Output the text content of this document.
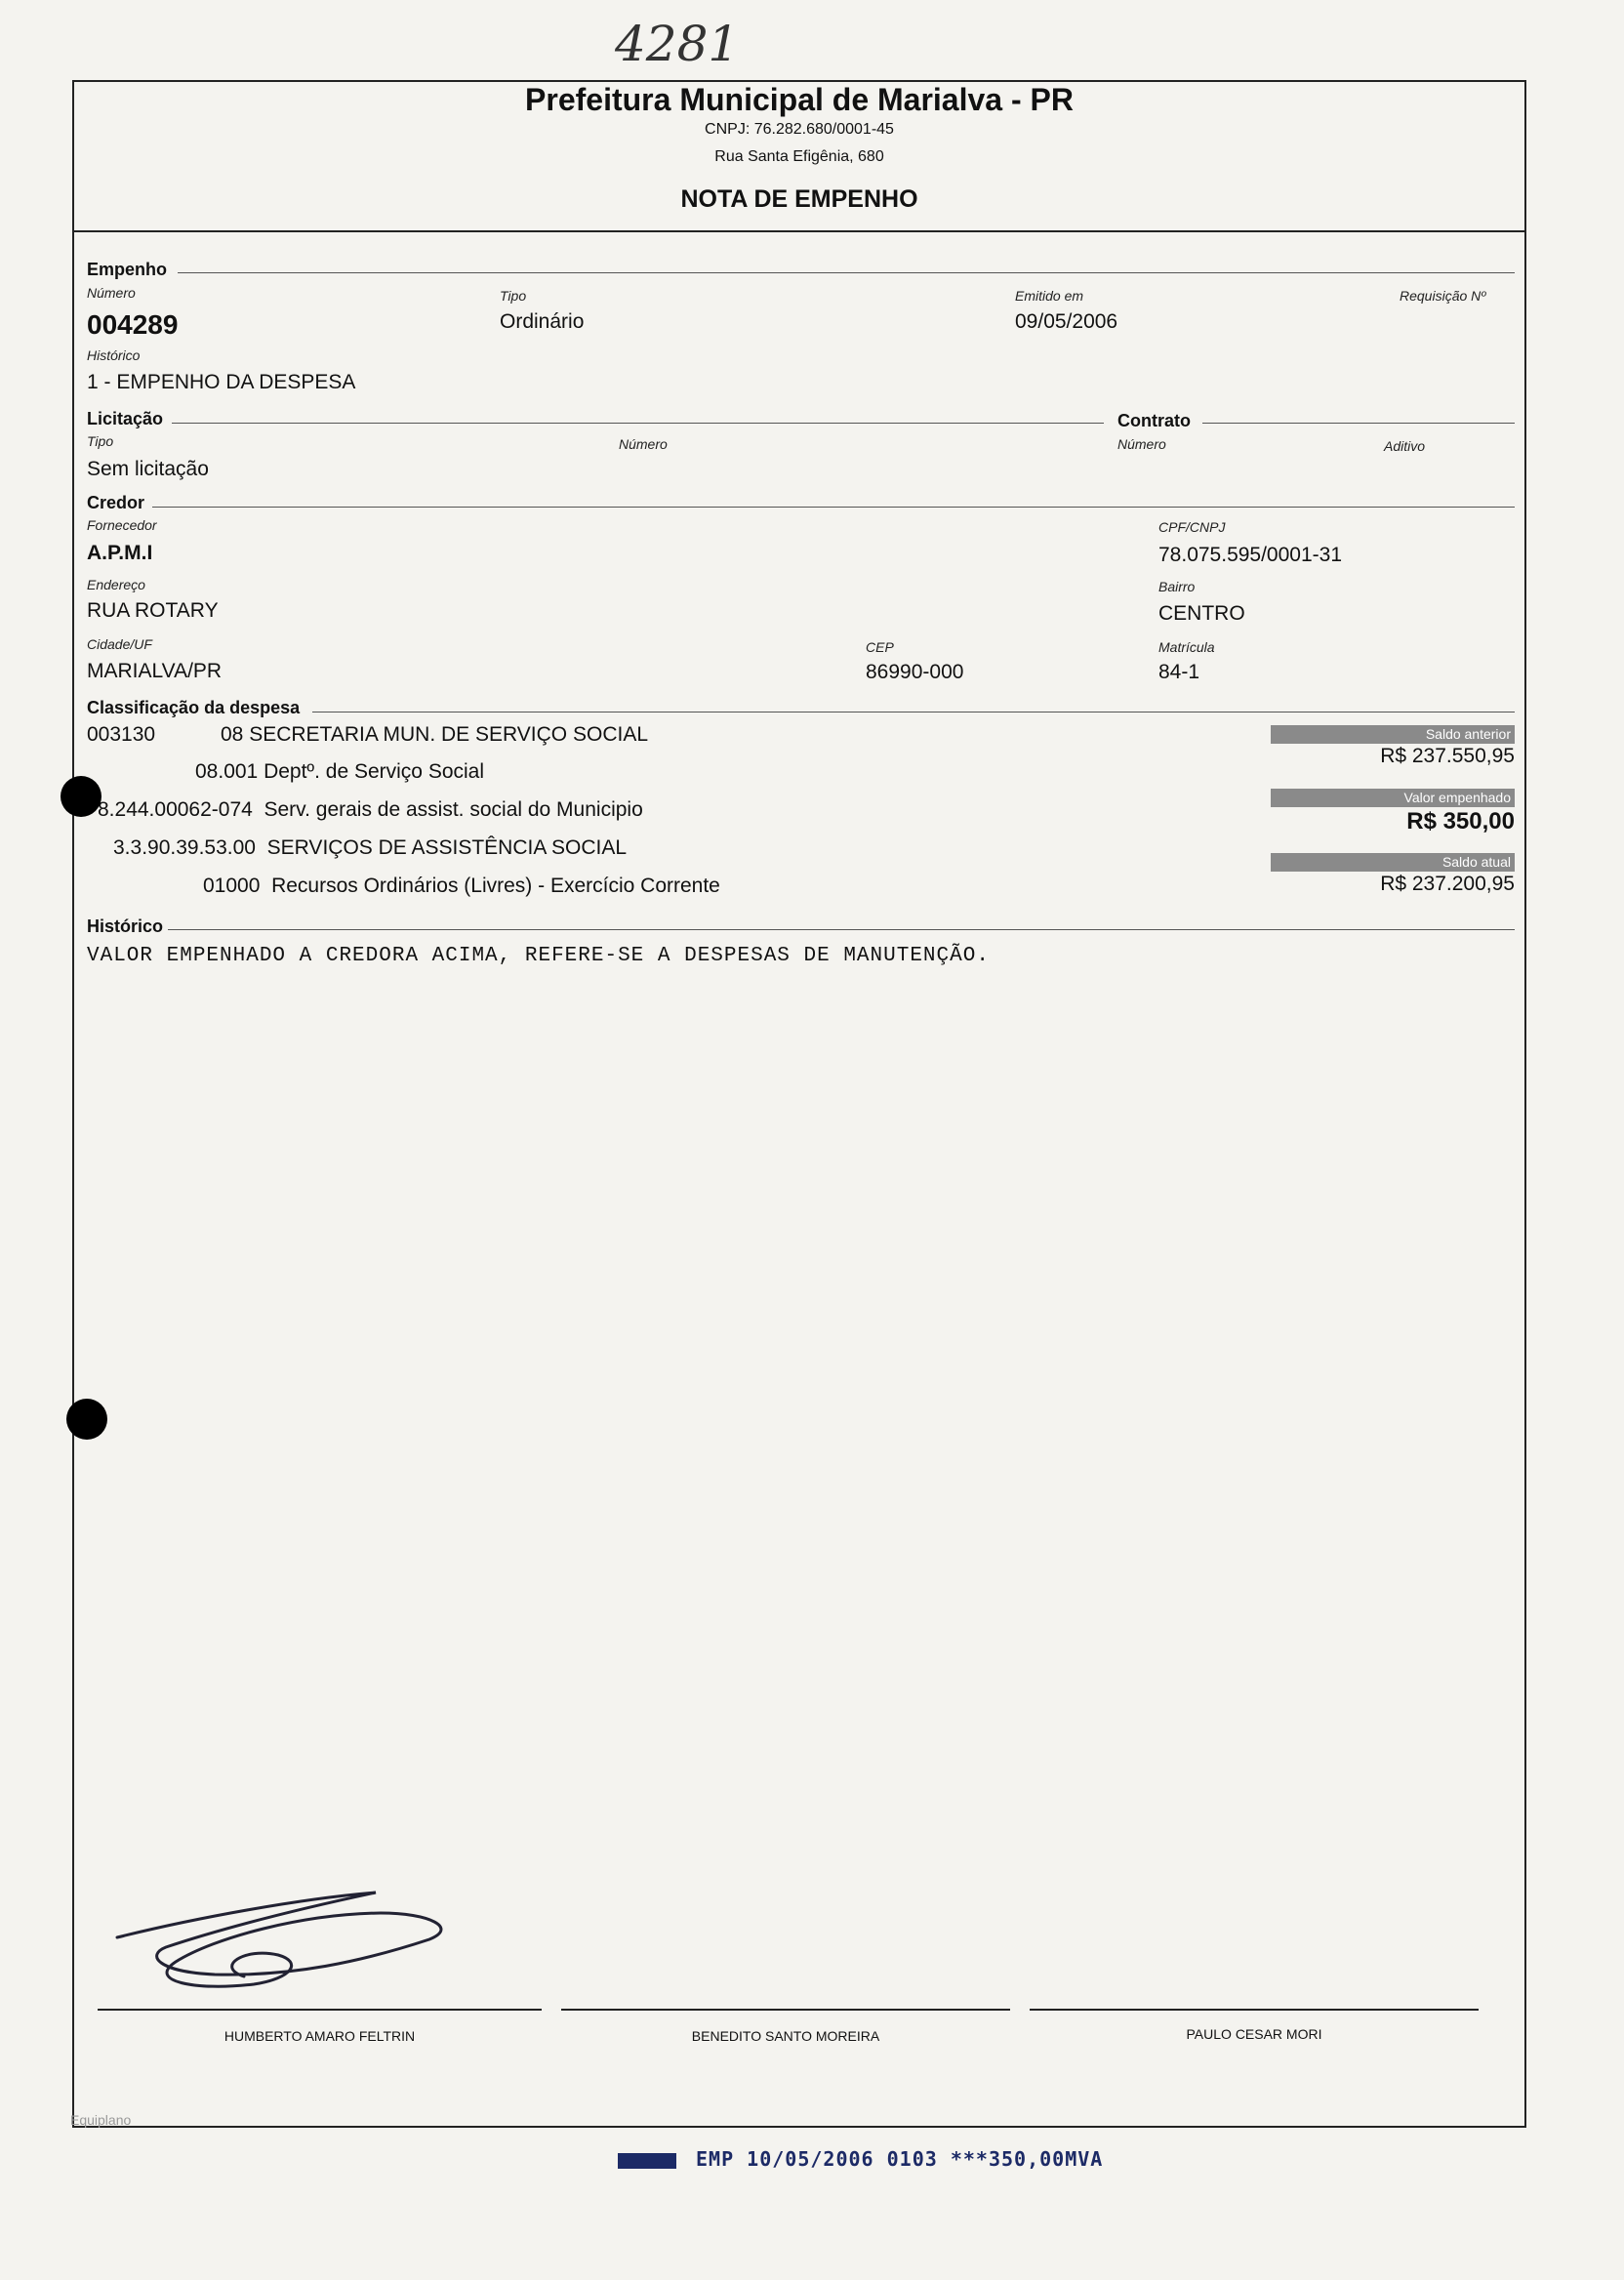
4281
Prefeitura Municipal de Marialva - PR
CNPJ: 76.282.680/0001-45
Rua Santa Efigênia, 680
NOTA DE EMPENHO
Empenho
Número
004289
Tipo
Ordinário
Emitido em
09/05/2006
Requisição Nº
Histórico
1 - EMPENHO DA DESPESA
Licitação	Contrato
Tipo
Sem licitação
Número	Número	Aditivo
Credor
Fornecedor
A.P.M.I
CPF/CNPJ
78.075.595/0001-31
Endereço
RUA ROTARY
Bairro
CENTRO
Cidade/UF
MARIALVA/PR
CEP
86990-000
Matrícula
84-1
Classificação da despesa
003130	08 SECRETARIA MUN. DE SERVIÇO SOCIAL
08.001 Deptº. de Serviço Social
8.244.00062-074  Serv. gerais de assist. social do Municipio
3.3.90.39.53.00  SERVIÇOS DE ASSISTÊNCIA SOCIAL
01000  Recursos Ordinários (Livres) - Exercício Corrente
Saldo anterior
R$ 237.550,95
Valor empenhado
R$ 350,00
Saldo atual
R$ 237.200,95
Histórico
VALOR EMPENHADO A CREDORA ACIMA, REFERE-SE A DESPESAS DE MANUTENÇÃO.
HUMBERTO AMARO FELTRIN	BENEDITO SANTO MOREIRA	PAULO CESAR MORI
Equiplano
EMP 10/05/2006 0103 ***350,00MVA
